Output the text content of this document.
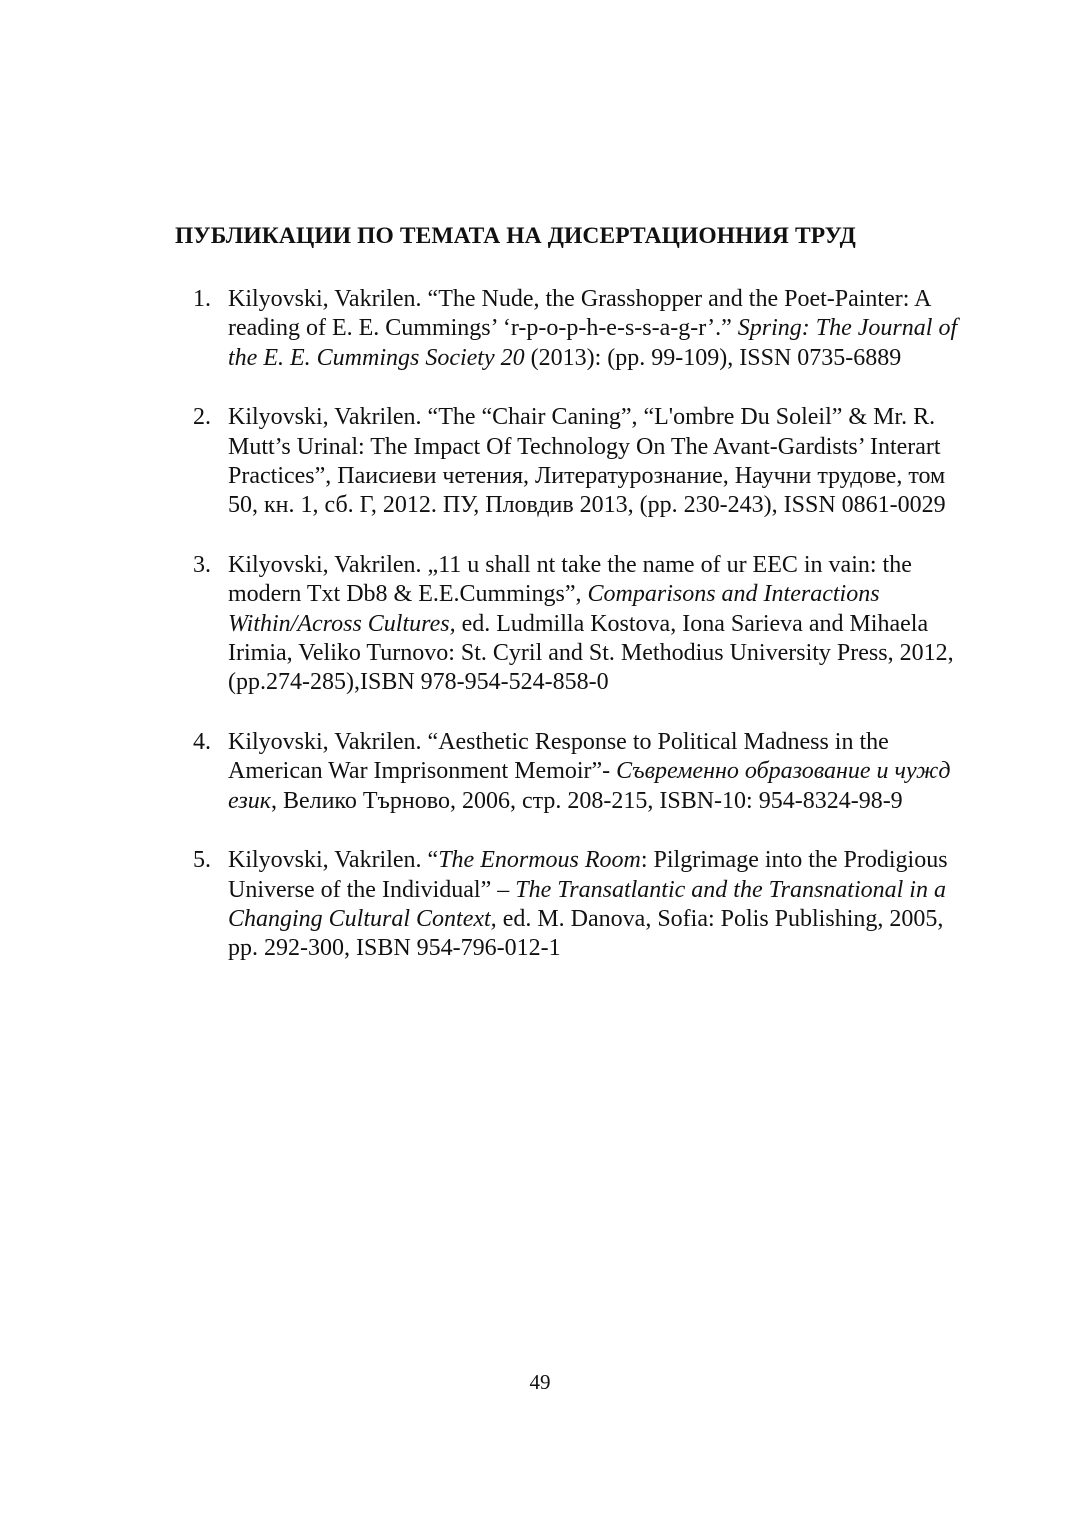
ПУБЛИКАЦИИ ПО ТЕМАТА НА ДИСЕРТАЦИОННИЯ ТРУД
1. Kilyovski, Vakrilen. “The Nude, the Grasshopper and the Poet-Painter: A reading of E. E. Cummings’ ‘r-p-o-p-h-e-s-s-a-g-r’.” Spring: The Journal of the E. E. Cummings Society 20 (2013): (pp. 99-109), ISSN 0735-6889
2. Kilyovski, Vakrilen. “The “Chair Caning”, “L'ombre Du Soleil” & Mr. R. Mutt’s Urinal: The Impact Of Technology On The Avant-Gardists’ Interart Practices”, Паисиеви четения, Литературознание, Научни трудове, том 50, кн. 1, сб. Г, 2012. ПУ, Пловдив 2013, (pp. 230-243), ISSN 0861-0029
3. Kilyovski, Vakrilen. „11 u shall nt take the name of ur EEC in vain: the modern Txt Db8 & E.E.Cummings”, Comparisons and Interactions Within/Across Cultures, ed. Ludmilla Kostova, Iona Sarieva and Mihaela Irimia, Veliko Turnovo: St. Cyril and St. Methodius University Press, 2012, (pp.274-285),ISBN 978-954-524-858-0
4. Kilyovski, Vakrilen. “Aesthetic Response to Political Madness in the American War Imprisonment Memoir”- Съвременно образование и чужд език, Велико Търново, 2006, стр. 208-215, ISBN-10: 954-8324-98-9
5. Kilyovski, Vakrilen. “The Enormous Room: Pilgrimage into the Prodigious Universe of the Individual” – The Transatlantic and the Transnational in a Changing Cultural Context, ed. M. Danova, Sofia: Polis Publishing, 2005, pp. 292-300, ISBN 954-796-012-1
49
